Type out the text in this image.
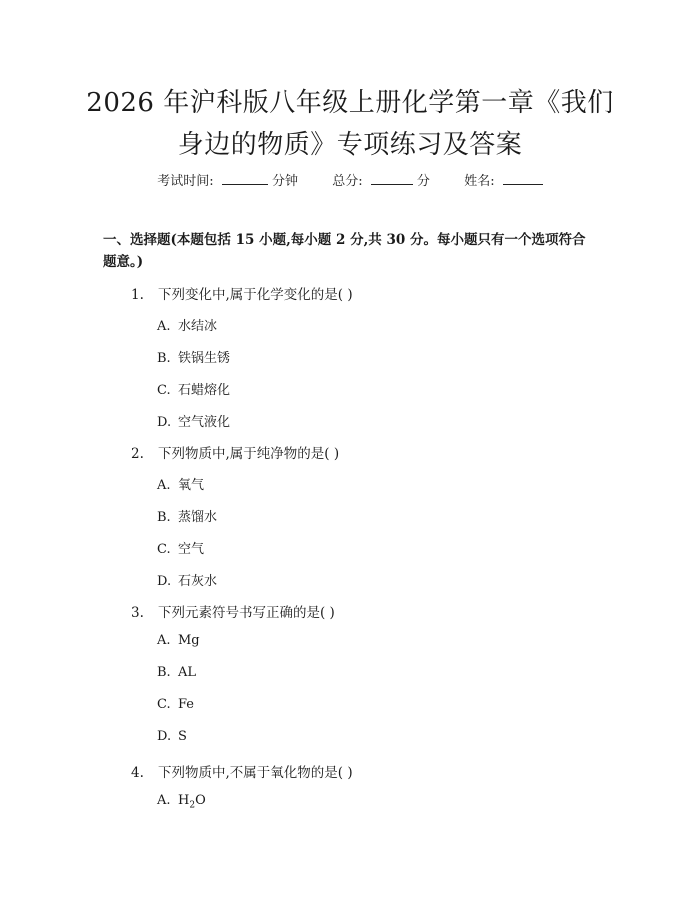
2026 年沪科版八年级上册化学第一章《我们
身边的物质》专项练习及答案
考试时间:	分钟	总分:	分	姓名:
一、选择题(本题包括 15 小题,每小题 2 分,共 30 分。每小题只有一个选项符合题意。)
1. 下列变化中,属于化学变化的是( )
A. 水结冰
B. 铁锅生锈
C. 石蜡熔化
D. 空气液化
2. 下列物质中,属于纯净物的是( )
A. 氧气
B. 蒸馏水
C. 空气
D. 石灰水
3. 下列元素符号书写正确的是( )
A. Mg
B. AL
C. Fe
D. S
4. 下列物质中,不属于氧化物的是( )
A. $H_2O$
